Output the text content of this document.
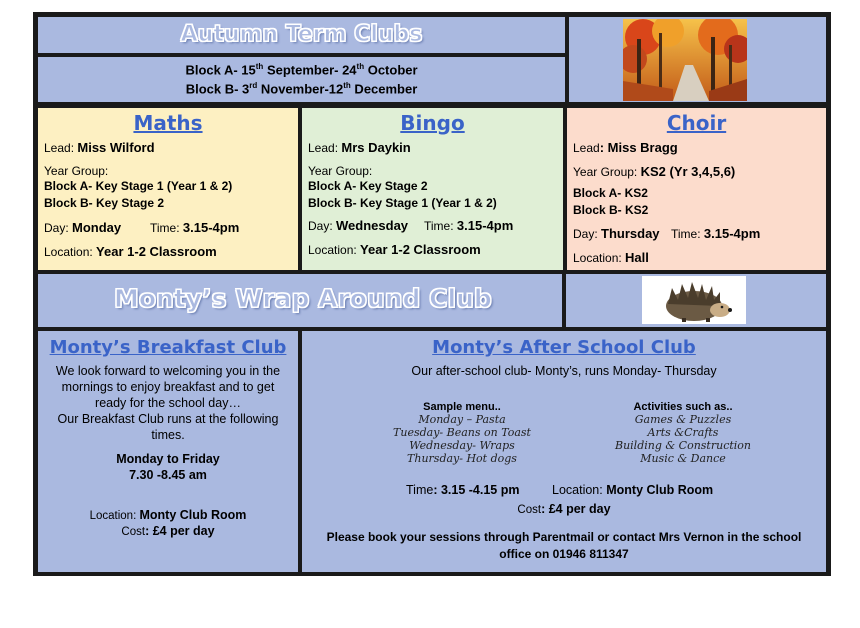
Autumn Term Clubs
Block A- 15th September- 24th October
Block B- 3rd November-12th December
Maths
Lead: Miss Wilford
Year Group:
Block A- Key Stage 1 (Year 1 & 2)
Block B- Key Stage 2
Day: Monday Time: 3.15-4pm
Location: Year 1-2 Classroom
Bingo
Lead: Mrs Daykin
Year Group:
Block A- Key Stage 2
Block B- Key Stage 1 (Year 1 & 2)
Day: Wednesday Time: 3.15-4pm
Location: Year 1-2 Classroom
Choir
Lead: Miss Bragg
Year Group: KS2 (Yr 3,4,5,6)
Block A- KS2
Block B- KS2
Day: Thursday Time: 3.15-4pm
Location: Hall
Monty’s Wrap Around Club
Monty’s Breakfast Club
We look forward to welcoming you in the mornings to enjoy breakfast and to get ready for the school day…
Our Breakfast Club runs at the following times.
Monday to Friday
7.30 -8.45 am
Location: Monty Club Room
Cost: £4 per day
Monty’s After School Club
Our after-school club- Monty’s, runs Monday- Thursday
Sample menu..
Monday – Pasta
Tuesday- Beans on Toast
Wednesday- Wraps
Thursday- Hot dogs
Activities such as..
Games & Puzzles
Arts &Crafts
Building & Construction
Music & Dance
Time: 3.15 -4.15 pm	Location: Monty Club Room
Cost: £4 per day
Please book your sessions through Parentmail or contact Mrs Vernon in the school
office on 01946 811347
